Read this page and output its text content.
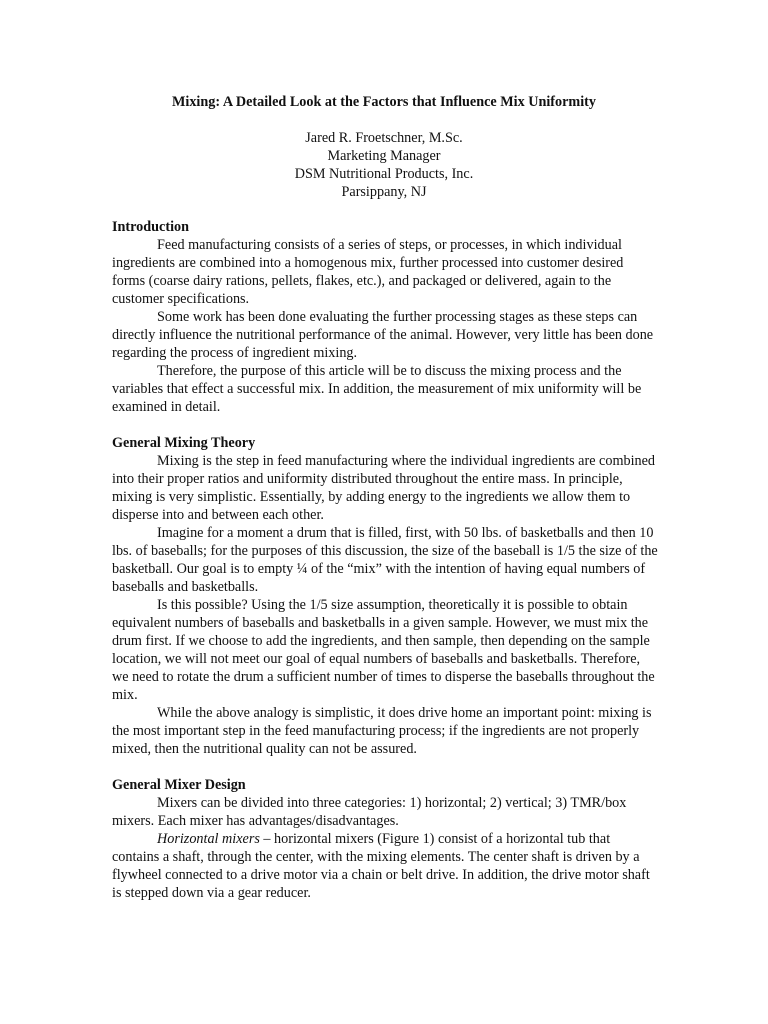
Mixing: A Detailed Look at the Factors that Influence Mix Uniformity
Jared R. Froetschner, M.Sc.
Marketing Manager
DSM Nutritional Products, Inc.
Parsippany, NJ
Introduction
Feed manufacturing consists of a series of steps, or processes, in which individual ingredients are combined into a homogenous mix, further processed into customer desired forms (coarse dairy rations, pellets, flakes, etc.), and packaged or delivered, again to the customer specifications.
Some work has been done evaluating the further processing stages as these steps can directly influence the nutritional performance of the animal. However, very little has been done regarding the process of ingredient mixing.
Therefore, the purpose of this article will be to discuss the mixing process and the variables that effect a successful mix. In addition, the measurement of mix uniformity will be examined in detail.
General Mixing Theory
Mixing is the step in feed manufacturing where the individual ingredients are combined into their proper ratios and uniformity distributed throughout the entire mass. In principle, mixing is very simplistic. Essentially, by adding energy to the ingredients we allow them to disperse into and between each other.
Imagine for a moment a drum that is filled, first, with 50 lbs. of basketballs and then 10 lbs. of baseballs; for the purposes of this discussion, the size of the baseball is 1/5 the size of the basketball. Our goal is to empty ¼ of the “mix” with the intention of having equal numbers of baseballs and basketballs.
Is this possible? Using the 1/5 size assumption, theoretically it is possible to obtain equivalent numbers of baseballs and basketballs in a given sample. However, we must mix the drum first. If we choose to add the ingredients, and then sample, then depending on the sample location, we will not meet our goal of equal numbers of baseballs and basketballs. Therefore, we need to rotate the drum a sufficient number of times to disperse the baseballs throughout the mix.
While the above analogy is simplistic, it does drive home an important point: mixing is the most important step in the feed manufacturing process; if the ingredients are not properly mixed, then the nutritional quality can not be assured.
General Mixer Design
Mixers can be divided into three categories: 1) horizontal; 2) vertical; 3) TMR/box mixers. Each mixer has advantages/disadvantages.
Horizontal mixers – horizontal mixers (Figure 1) consist of a horizontal tub that contains a shaft, through the center, with the mixing elements. The center shaft is driven by a flywheel connected to a drive motor via a chain or belt drive. In addition, the drive motor shaft is stepped down via a gear reducer.
